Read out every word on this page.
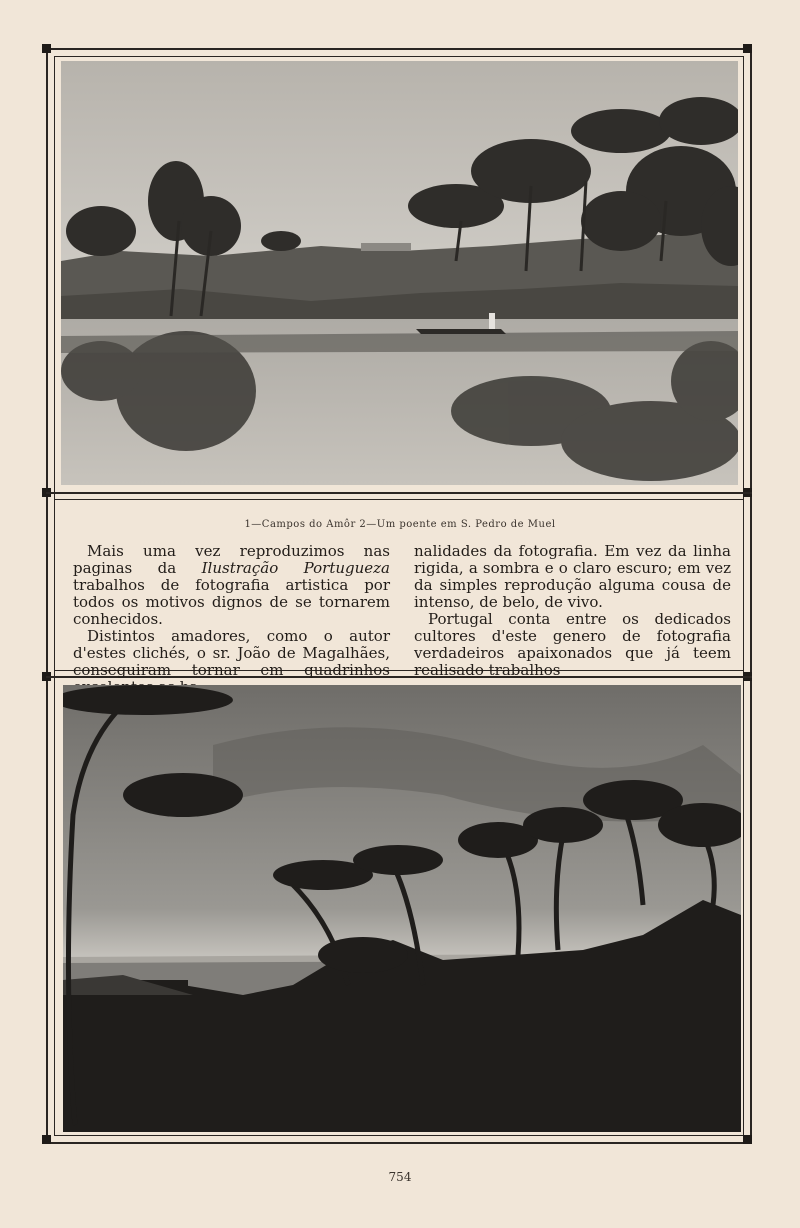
1—Campos do Amôr 2—Um poente em S. Pedro de Muel

Mais uma vez reproduzimos nas paginas da Ilustração Portugueza trabalhos de fotografia artistica por todos os motivos dignos de se tornarem conhecidos.

Distintos amadores, como o autor d'estes clichés, o sr. João de Magalhães, conseguiram tornar em quadrinhos

nalidades da fotografia. Em vez da linha rigida, a sombra e o claro escuro; em vez da simples reprodução alguma cousa de intenso, de belo, de vivo.

Portugal conta entre os dedicados cultores d'este genero de fotografia verdadeiros apaixonados que já teem realisado trabalhos

754
